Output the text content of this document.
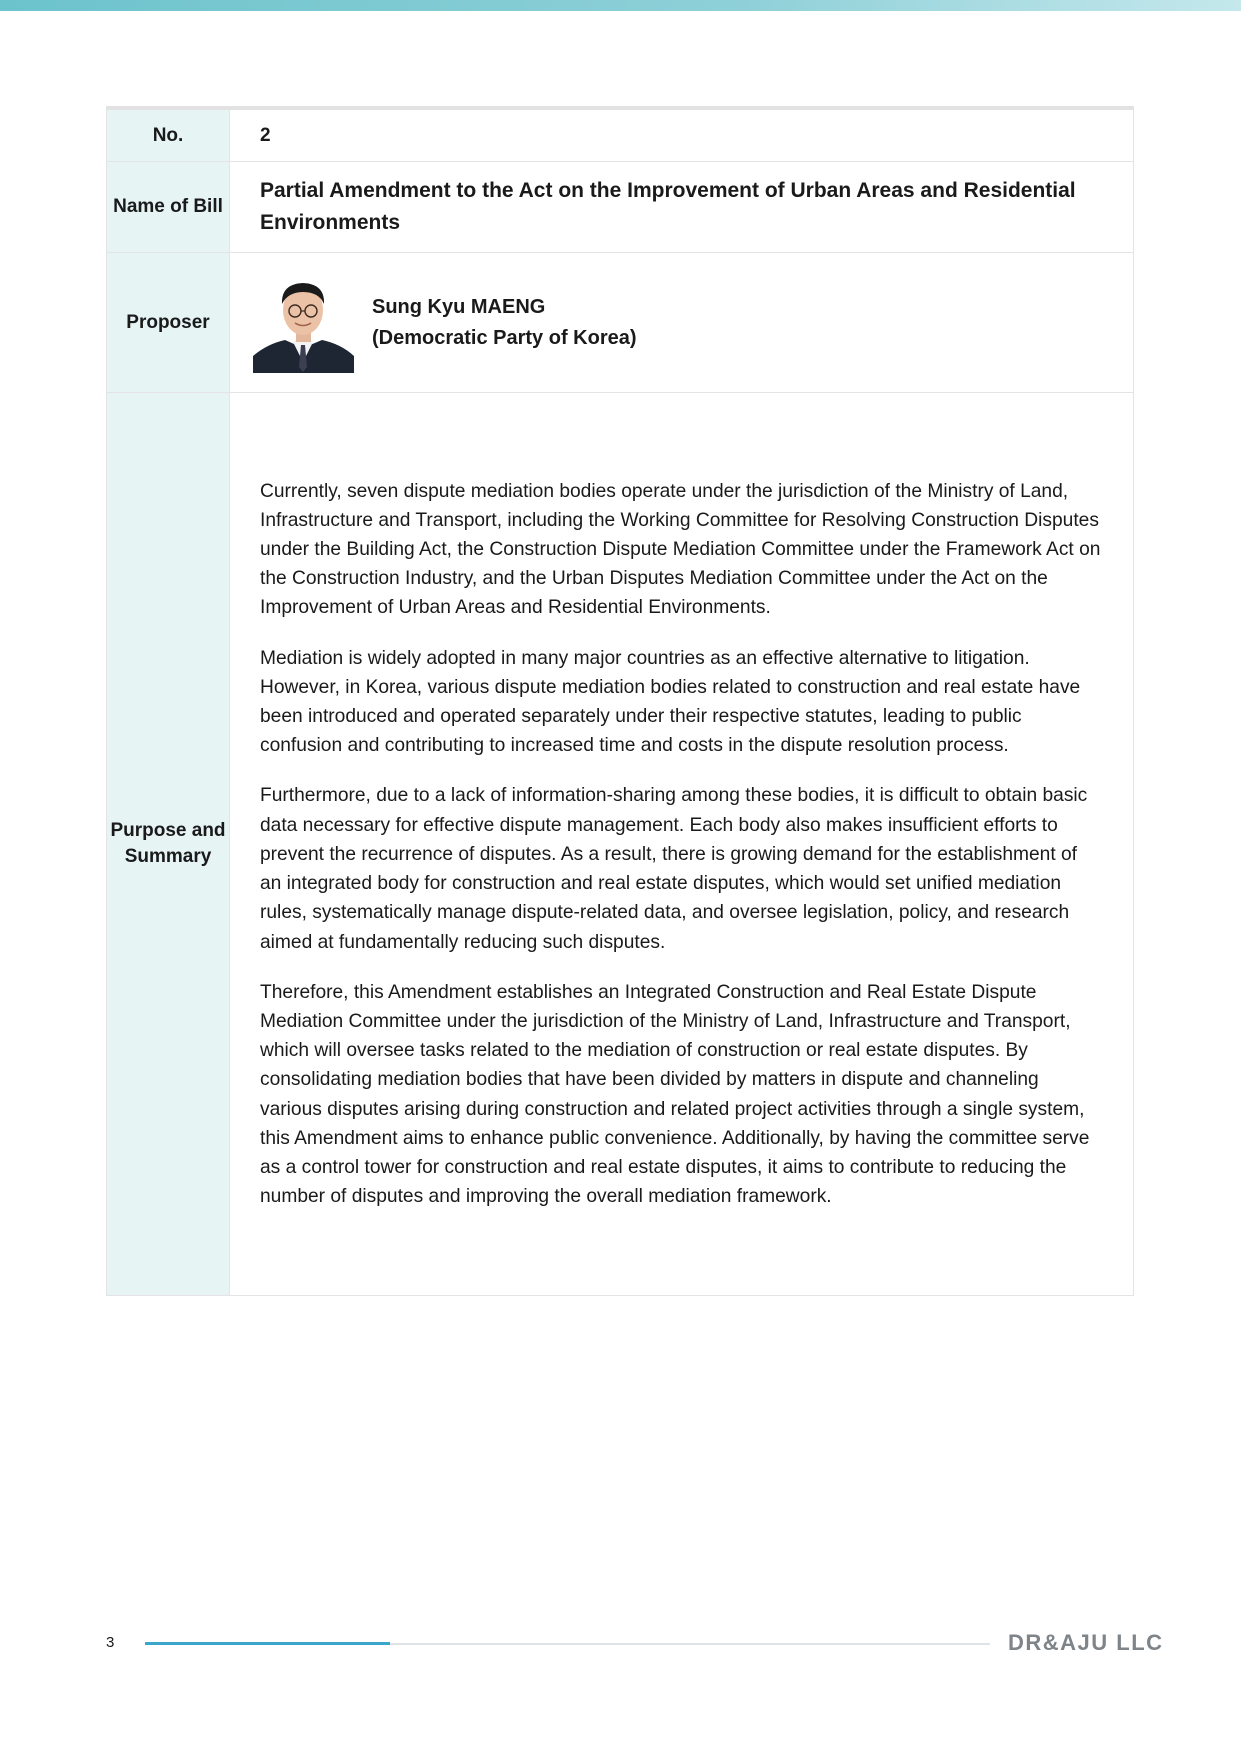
No.	2
Name of Bill	Partial Amendment to the Act on the Improvement of Urban Areas and Residential Environments

Proposer	Sung Kyu MAENG
(Democratic Party of Korea)

Purpose and Summary	Currently, seven dispute mediation bodies operate under the jurisdiction of the Ministry of Land, Infrastructure and Transport, including the Working Committee for Resolving Construction Disputes under the Building Act, the Construction Dispute Mediation Committee under the Framework Act on the Construction Industry, and the Urban Disputes Mediation Committee under the Act on the Improvement of Urban Areas and Residential Environments.

Mediation is widely adopted in many major countries as an effective alternative to litigation. However, in Korea, various dispute mediation bodies related to construction and real estate have been introduced and operated separately under their respective statutes, leading to public confusion and contributing to increased time and costs in the dispute resolution process.

Furthermore, due to a lack of information-sharing among these bodies, it is difficult to obtain basic data necessary for effective dispute management. Each body also makes insufficient efforts to prevent the recurrence of disputes. As a result, there is growing demand for the establishment of an integrated body for construction and real estate disputes, which would set unified mediation rules, systematically manage dispute-related data, and oversee legislation, policy, and research aimed at fundamentally reducing such disputes.

Therefore, this Amendment establishes an Integrated Construction and Real Estate Dispute Mediation Committee under the jurisdiction of the Ministry of Land, Infrastructure and Transport, which will oversee tasks related to the mediation of construction or real estate disputes. By consolidating mediation bodies that have been divided by matters in dispute and channeling various disputes arising during construction and related project activities through a single system, this Amendment aims to enhance public convenience. Additionally, by having the committee serve as a control tower for construction and real estate disputes, it aims to contribute to reducing the number of disputes and improving the overall mediation framework.

3	DR&AJU LLC
